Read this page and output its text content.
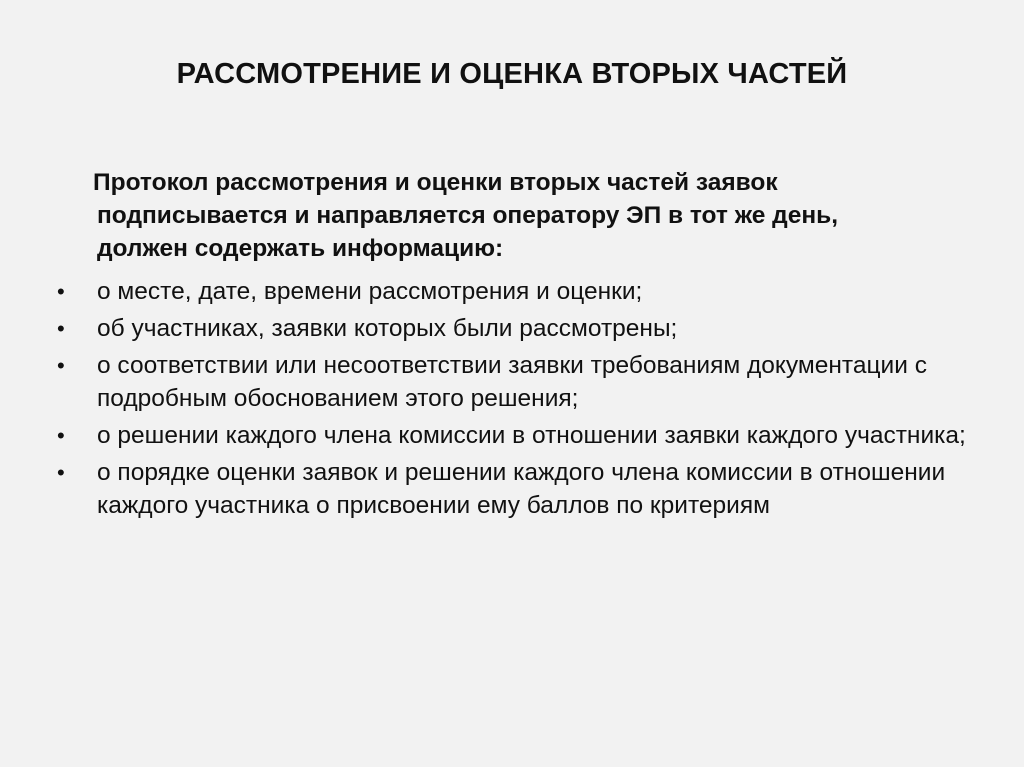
РАССМОТРЕНИЕ И ОЦЕНКА ВТОРЫХ ЧАСТЕЙ
Протокол рассмотрения и оценки вторых частей заявок
подписывается и направляется оператору ЭП в тот же день,
должен содержать информацию:
• о месте, дате, времени рассмотрения и оценки;
• об участниках, заявки которых были рассмотрены;
• о соответствии или несоответствии заявки требованиям документации с подробным обоснованием этого решения;
• о решении каждого члена комиссии в отношении заявки каждого участника;
• о порядке оценки заявок и решении каждого члена комиссии в отношении каждого участника о присвоении ему баллов по критериям
